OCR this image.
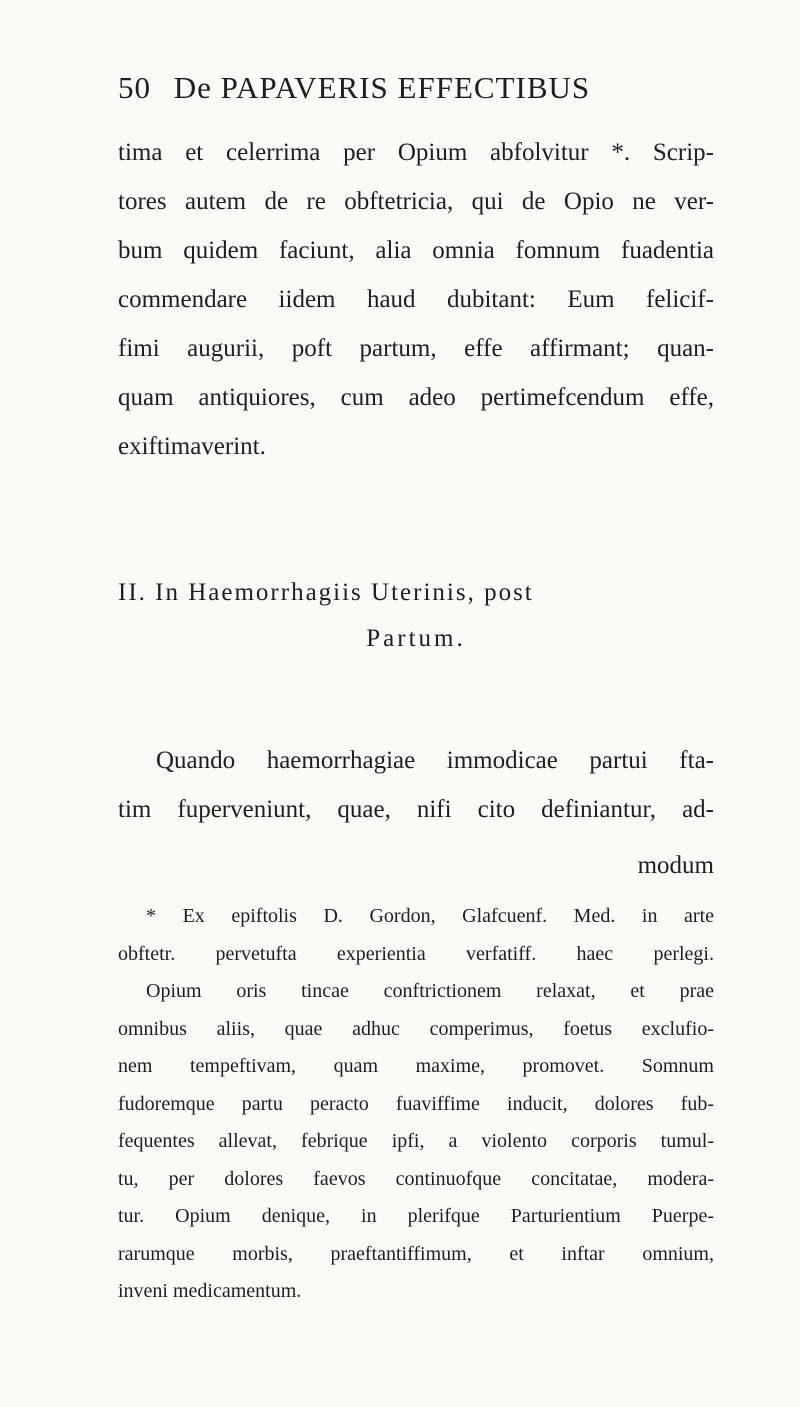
50 De PAPAVERIS EFFECTIBUS
tima et celerrima per Opium abfolvitur *. Scrip-
tores autem de re obftetricia, qui de Opio ne ver-
bum quidem faciunt, alia omnia fomnum fuadentia
commendare iidem haud dubitant: Eum felicif-
fimi augurii, poft partum, effe affirmant; quan-
quam antiquiores, cum adeo pertimefcendum effe,
exiftimaverint.
II. In Haemorrhagiis Uterinis, post
Partum.
Quando haemorrhagiae immodicae partui fta-
tim fuperveniunt, quae, nifi cito definiantur, ad-
modum
* Ex epiftolis D. Gordon, Glafcuenf. Med. in arte
obftetr. pervetufta experientia verfatiff. haec perlegi.
Opium oris tincae conftrictionem relaxat, et prae
omnibus aliis, quae adhuc comperimus, foetus exclufio-
nem tempeftivam, quam maxime, promovet. Somnum
fudoremque partu peracto fuaviffime inducit, dolores fub-
fequentes allevat, febrique ipfi, a violento corporis tumul-
tu, per dolores faevos continuofque concitatae, modera-
tur. Opium denique, in plerifque Parturientium Puerpe-
rarumque morbis, praeftantiffimum, et inftar omnium,
inveni medicamentum.
